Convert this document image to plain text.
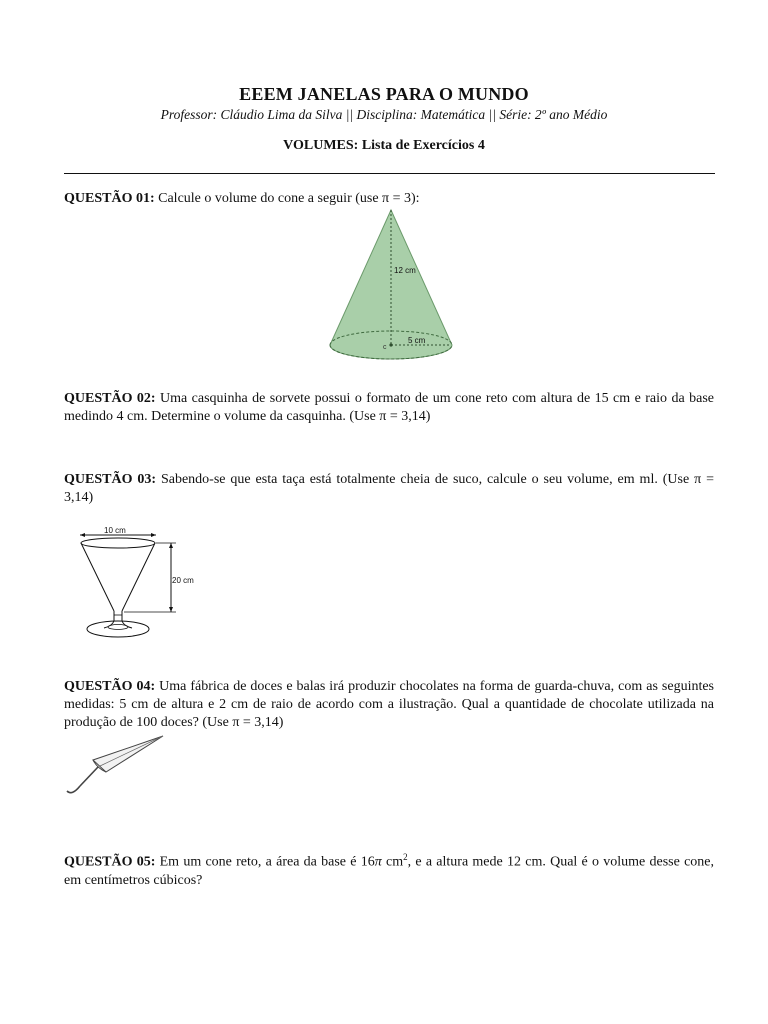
EEEM JANELAS PARA O MUNDO
Professor: Cláudio Lima da Silva || Disciplina: Matemática || Série: 2º ano Médio
VOLUMES: Lista de Exercícios 4
QUESTÃO 01: Calcule o volume do cone a seguir (use π = 3):
12 cm
5 cm
c
QUESTÃO 02: Uma casquinha de sorvete possui o formato de um cone reto com altura de 15 cm e raio da base medindo 4 cm. Determine o volume da casquinha. (Use π = 3,14)
QUESTÃO 03: Sabendo-se que esta taça está totalmente cheia de suco, calcule o seu volume, em ml. (Use π = 3,14)
10 cm
20 cm
QUESTÃO 04: Uma fábrica de doces e balas irá produzir chocolates na forma de guarda-chuva, com as seguintes medidas: 5 cm de altura e 2 cm de raio de acordo com a ilustração. Qual a quantidade de chocolate utilizada na produção de 100 doces? (Use π = 3,14)
QUESTÃO 05: Em um cone reto, a área da base é 16π $cm^2$, e a altura mede 12 cm. Qual é o volume desse cone, em centímetros cúbicos?
